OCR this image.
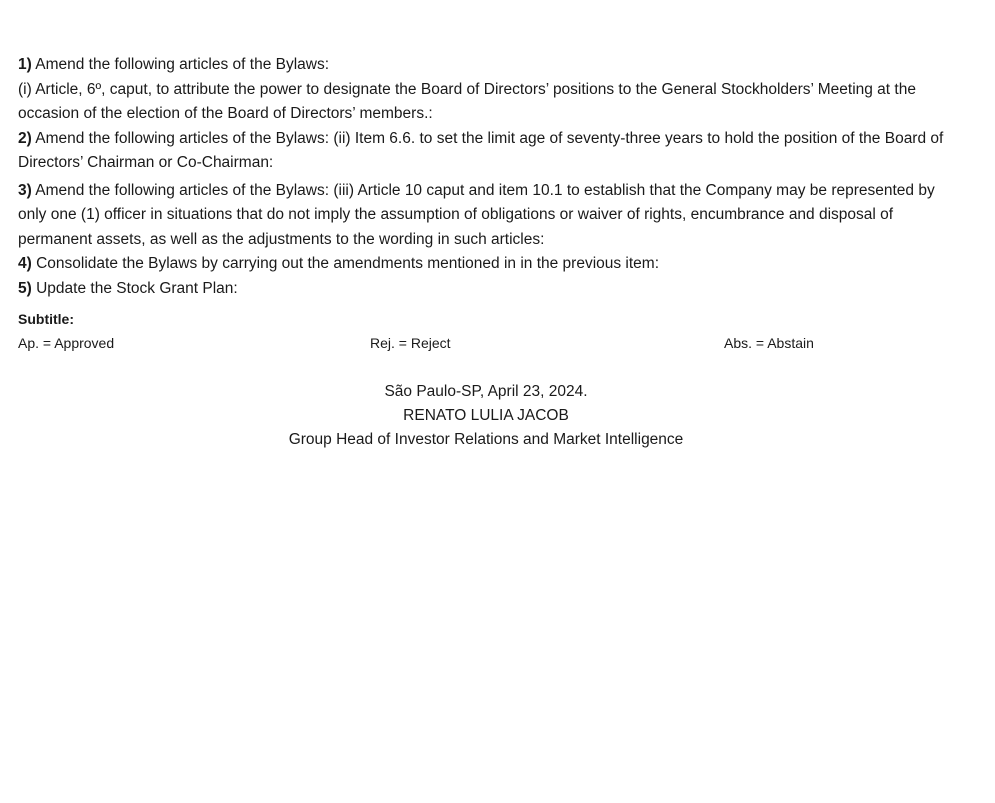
1) Amend the following articles of the Bylaws:

(i) Article, 6º, caput, to attribute the power to designate the Board of Directors’ positions to the General Stockholders’ Meeting at the occasion of the election of the Board of Directors’ members.:

2) Amend the following articles of the Bylaws: (ii) Item 6.6. to set the limit age of seventy-three years to hold the position of the Board of Directors’ Chairman or Co-Chairman:

3) Amend the following articles of the Bylaws: (iii) Article 10 caput and item 10.1 to establish that the Company may be represented by only one (1) officer in situations that do not imply the assumption of obligations or waiver of rights, encumbrance and disposal of permanent assets, as well as the adjustments to the wording in such articles:

4) Consolidate the Bylaws by carrying out the amendments mentioned in in the previous item:

5) Update the Stock Grant Plan:

Subtitle:
Ap. = Approved	Rej. = Reject	Abs. = Abstain
São Paulo-SP, April 23, 2024.
RENATO LULIA JACOB
Group Head of Investor Relations and Market Intelligence
